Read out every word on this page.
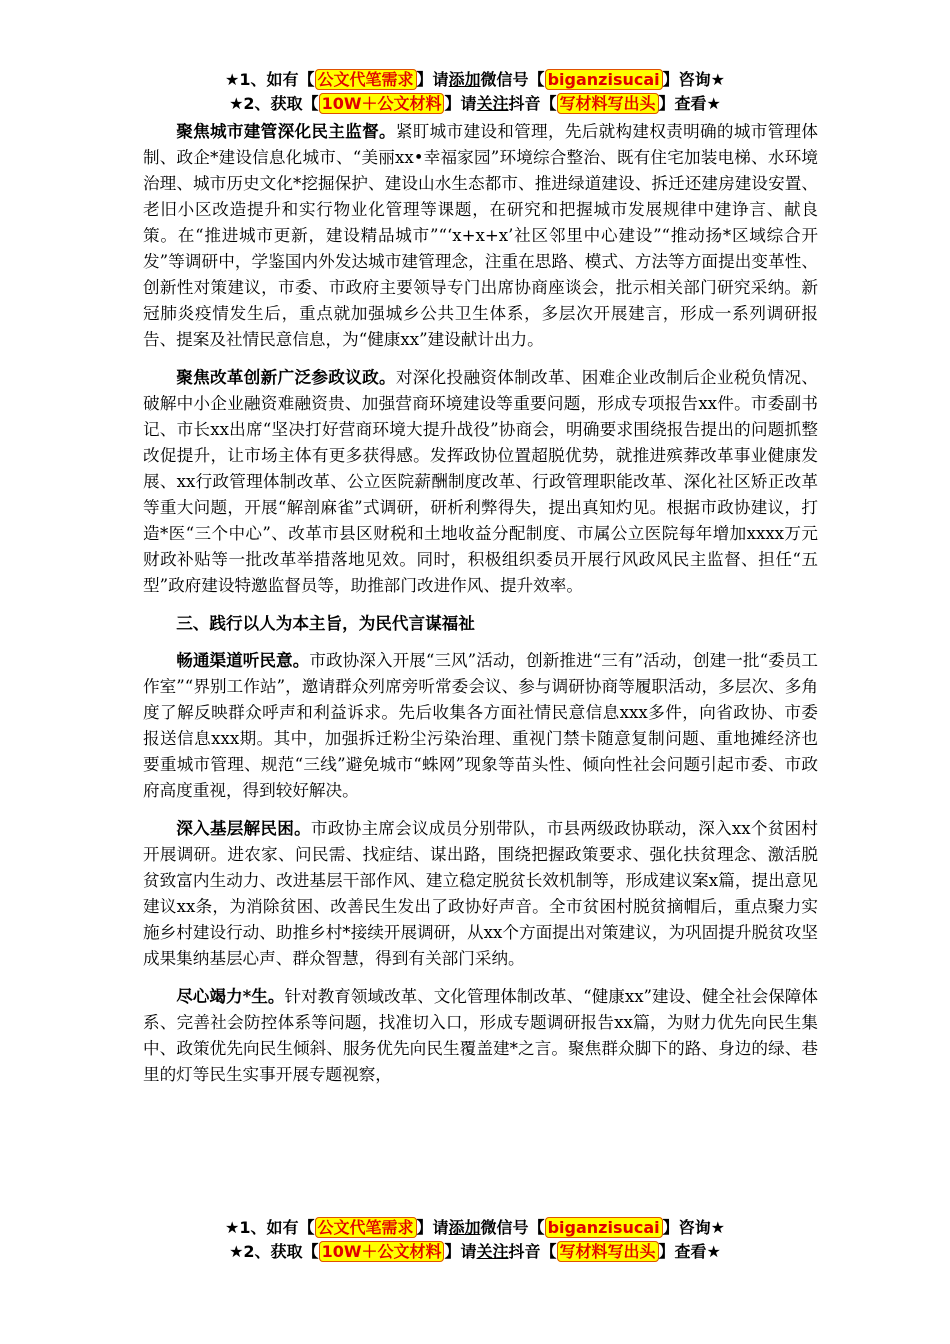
★1、如有【 公文代笔需求 】请添加微信号【 biganzisucai 】咨询★
★2、获取【 10W＋公文材料 】请关注抖音【 写材料写出头 】查看★

聚焦城市建管深化民主监督。紧盯城市建设和管理，先后就构建权责明确的城市管理体制、政企*建设信息化城市、“美丽xx•幸福家园”环境综合整治、既有住宅加装电梯、水环境治理、城市历史文化*挖掘保护、建设山水生态都市、推进绿道建设、拆迁还建房建设安置、老旧小区改造提升和实行物业化管理等课题，在研究和把握城市发展规律中建诤言、献良策。在“推进城市更新，建设精品城市”“‘x+x+x’社区邻里中心建设”“推动扬*区域综合开发”等调研中，学鉴国内外发达城市建管理念，注重在思路、模式、方法等方面提出变革性、创新性对策建议，市委、市政府主要领导专门出席协商座谈会，批示相关部门研究采纳。新冠肺炎疫情发生后，重点就加强城乡公共卫生体系，多层次开展建言，形成一系列调研报告、提案及社情民意信息，为“健康xx”建设献计出力。

聚焦改革创新广泛参政议政。对深化投融资体制改革、困难企业改制后企业税负情况、破解中小企业融资难融资贵、加强营商环境建设等重要问题，形成专项报告xx件。市委副书记、市长xx出席“坚决打好营商环境大提升战役”协商会，明确要求围绕报告提出的问题抓整改促提升，让市场主体有更多获得感。发挥政协位置超脱优势，就推进殡葬改革事业健康发展、xx行政管理体制改革、公立医院薪酬制度改革、行政管理职能改革、深化社区矫正改革等重大问题，开展“解剖麻雀”式调研，研析利弊得失，提出真知灼见。根据市政协建议，打造*医“三个中心”、改革市县区财税和土地收益分配制度、市属公立医院每年增加xxxx万元财政补贴等一批改革举措落地见效。同时，积极组织委员开展行风政风民主监督、担任“五型”政府建设特邀监督员等，助推部门改进作风、提升效率。

三、践行以人为本主旨，为民代言谋福祉

畅通渠道听民意。市政协深入开展“三风”活动，创新推进“三有”活动，创建一批“委员工作室”“界别工作站”，邀请群众列席旁听常委会议、参与调研协商等履职活动，多层次、多角度了解反映群众呼声和利益诉求。先后收集各方面社情民意信息xxx多件，向省政协、市委报送信息xxx期。其中，加强拆迁粉尘污染治理、重视门禁卡随意复制问题、重地摊经济也要重城市管理、规范“三线”避免城市“蛛网”现象等苗头性、倾向性社会问题引起市委、市政府高度重视，得到较好解决。

深入基层解民困。市政协主席会议成员分别带队，市县两级政协联动，深入xx个贫困村开展调研。进农家、问民需、找症结、谋出路，围绕把握政策要求、强化扶贫理念、激活脱贫致富内生动力、改进基层干部作风、建立稳定脱贫长效机制等，形成建议案x篇，提出意见建议xx条，为消除贫困、改善民生发出了政协好声音。全市贫困村脱贫摘帽后，重点聚力实施乡村建设行动、助推乡村*接续开展调研，从xx个方面提出对策建议，为巩固提升脱贫攻坚成果集纳基层心声、群众智慧，得到有关部门采纳。

尽心竭力*生。针对教育领域改革、文化管理体制改革、“健康xx”建设、健全社会保障体系、完善社会防控体系等问题，找准切入口，形成专题调研报告xx篇，为财力优先向民生集中、政策优先向民生倾斜、服务优先向民生覆盖建*之言。聚焦群众脚下的路、身边的绿、巷里的灯等民生实事开展专题视察，

★1、如有【 公文代笔需求 】请添加微信号【 biganzisucai 】咨询★
★2、获取【 10W＋公文材料 】请关注抖音【 写材料写出头 】查看★
